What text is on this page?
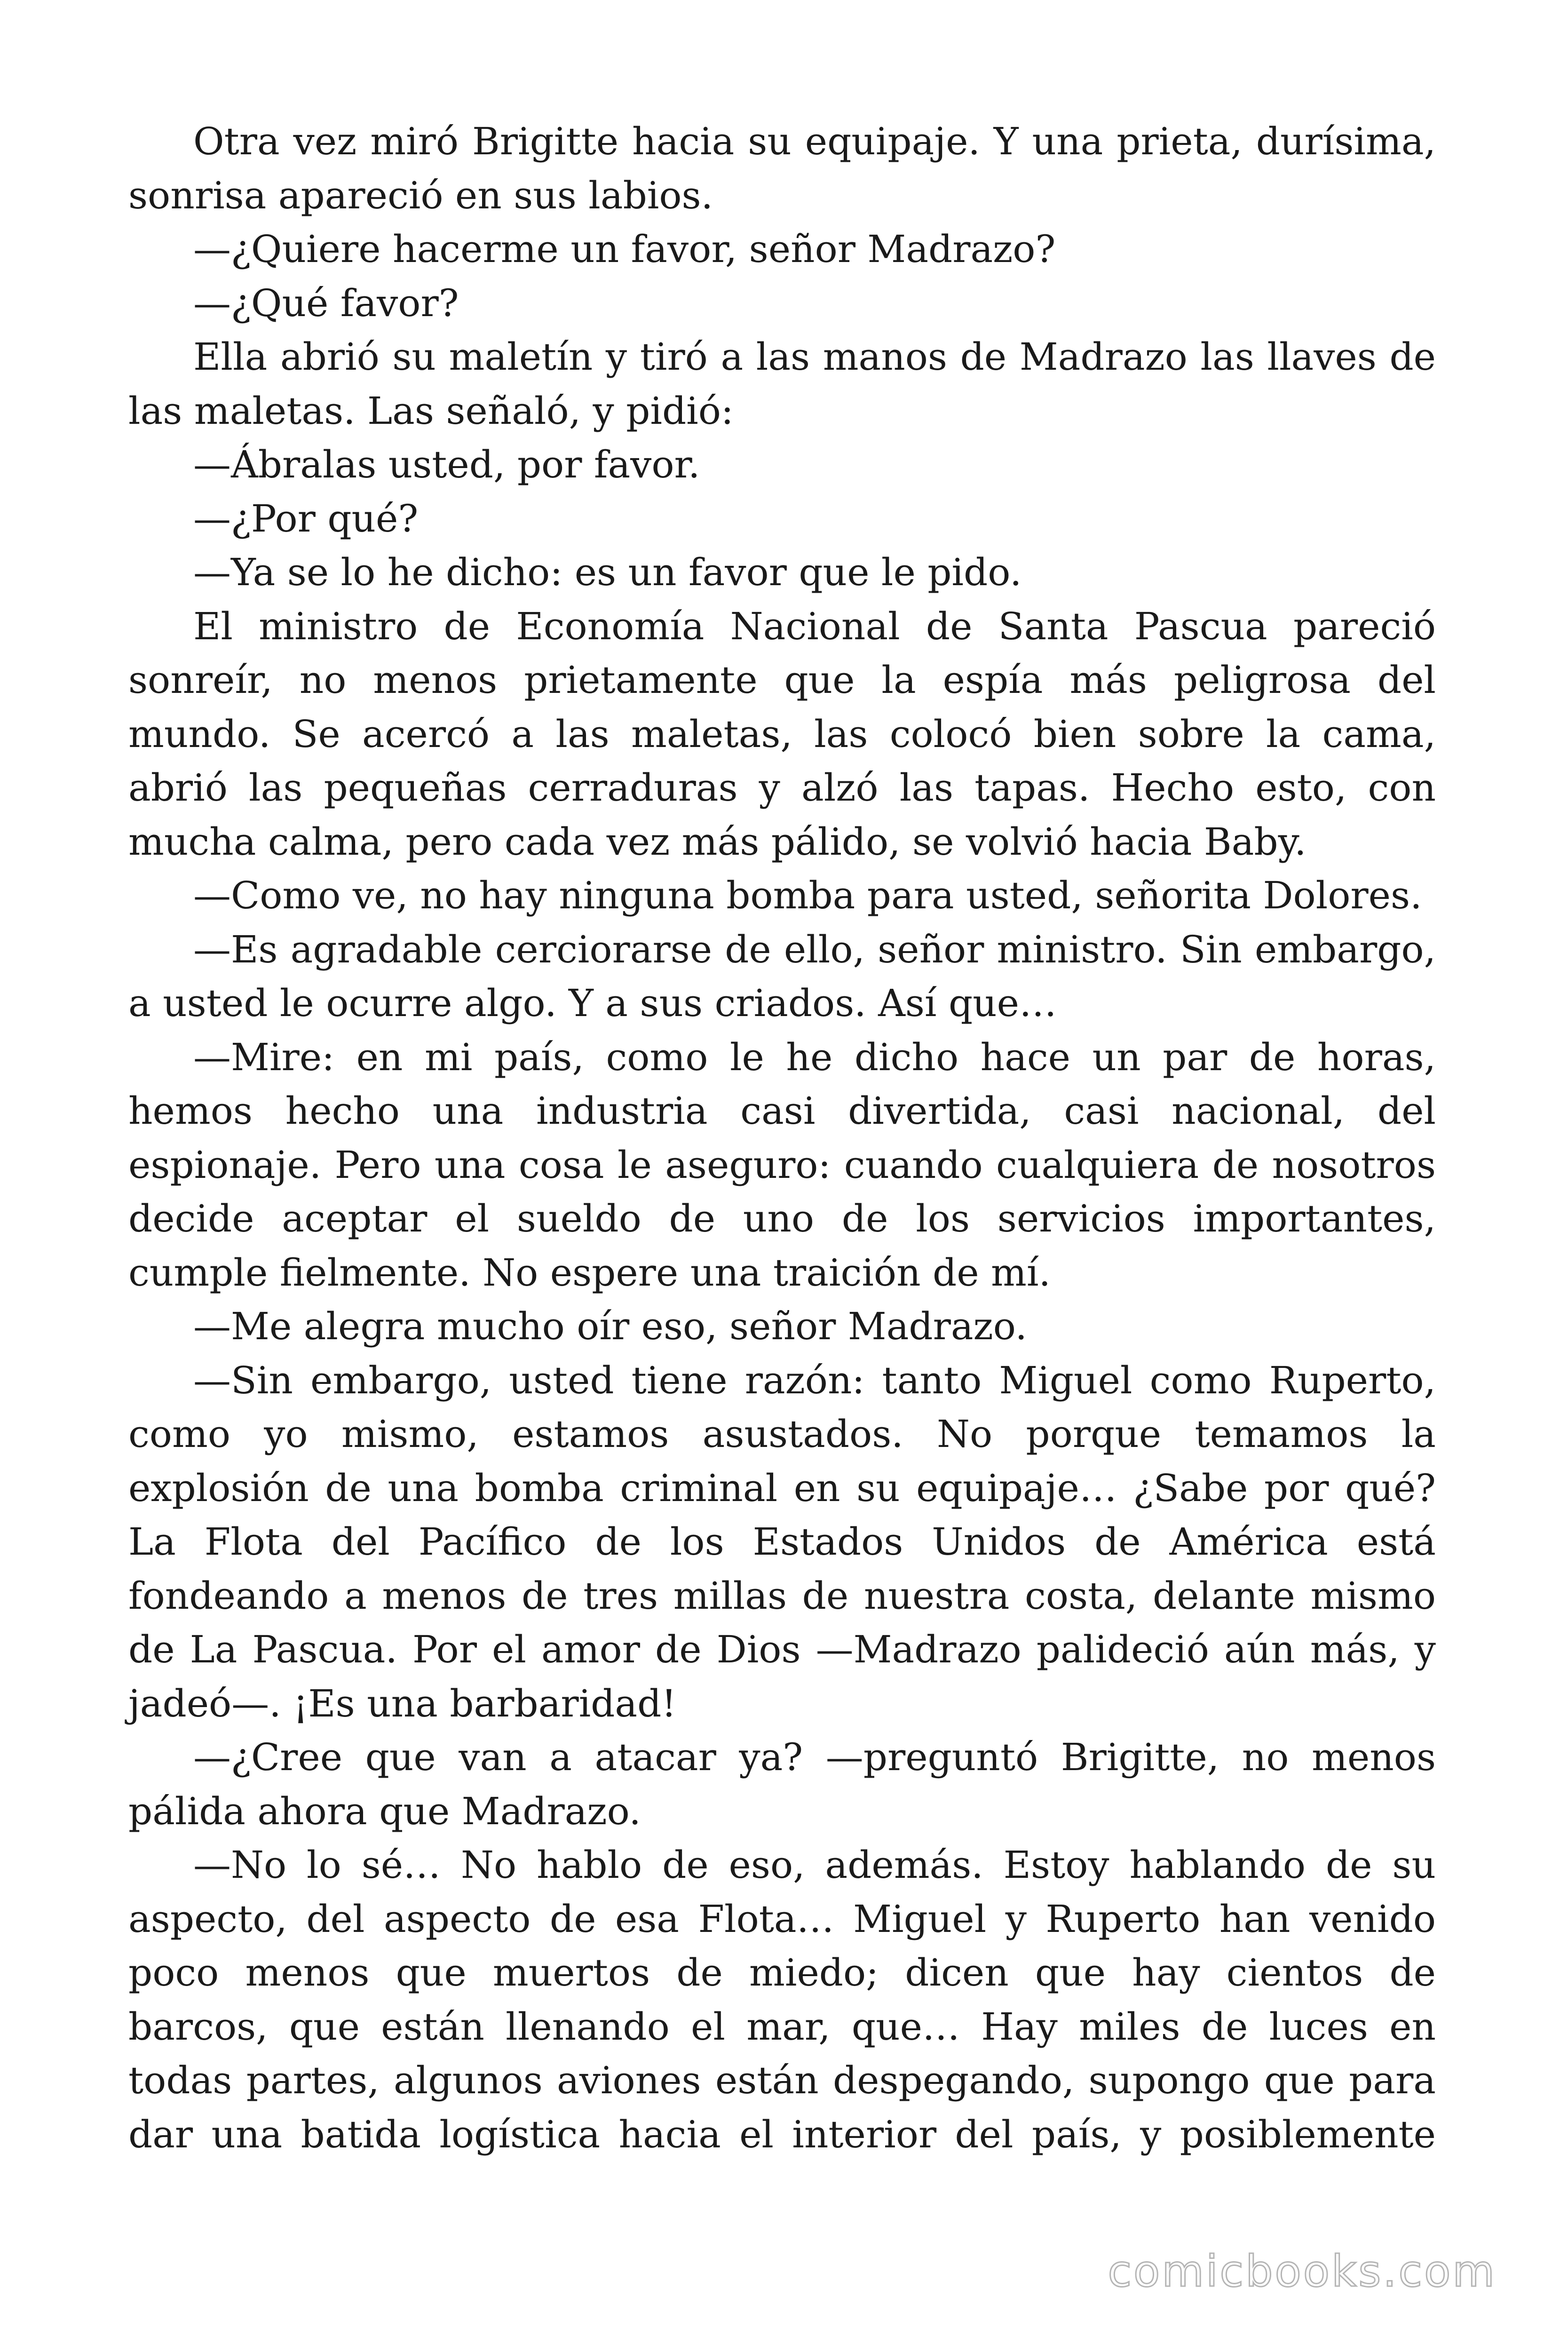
Otra vez miró Brigitte hacia su equipaje. Y una prieta, durísima, sonrisa apareció en sus labios.

—¿Quiere hacerme un favor, señor Madrazo?

—¿Qué favor?

Ella abrió su maletín y tiró a las manos de Madrazo las llaves de las maletas. Las señaló, y pidió:

—Ábralas usted, por favor.

—¿Por qué?

—Ya se lo he dicho: es un favor que le pido.

El ministro de Economía Nacional de Santa Pascua pareció sonreír, no menos prietamente que la espía más peligrosa del mundo. Se acercó a las maletas, las colocó bien sobre la cama, abrió las pequeñas cerraduras y alzó las tapas. Hecho esto, con mucha calma, pero cada vez más pálido, se volvió hacia Baby.

—Como ve, no hay ninguna bomba para usted, señorita Dolores.

—Es agradable cerciorarse de ello, señor ministro. Sin embargo, a usted le ocurre algo. Y a sus criados. Así que…

—Mire: en mi país, como le he dicho hace un par de horas, hemos hecho una industria casi divertida, casi nacional, del espionaje. Pero una cosa le aseguro: cuando cualquiera de nosotros decide aceptar el sueldo de uno de los servicios importantes, cumple fielmente. No espere una traición de mí.

—Me alegra mucho oír eso, señor Madrazo.

—Sin embargo, usted tiene razón: tanto Miguel como Ruperto, como yo mismo, estamos asustados. No porque temamos la explosión de una bomba criminal en su equipaje… ¿Sabe por qué? La Flota del Pacífico de los Estados Unidos de América está fondeando a menos de tres millas de nuestra costa, delante mismo de La Pascua. Por el amor de Dios —Madrazo palideció aún más, y jadeó—. ¡Es una barbaridad!

—¿Cree que van a atacar ya? —preguntó Brigitte, no menos pálida ahora que Madrazo.

—No lo sé… No hablo de eso, además. Estoy hablando de su aspecto, del aspecto de esa Flota… Miguel y Ruperto han venido poco menos que muertos de miedo; dicen que hay cientos de barcos, que están llenando el mar, que… Hay miles de luces en todas partes, algunos aviones están despegando, supongo que para dar una batida logística hacia el interior del país, y posiblemente

comicbooks.com
